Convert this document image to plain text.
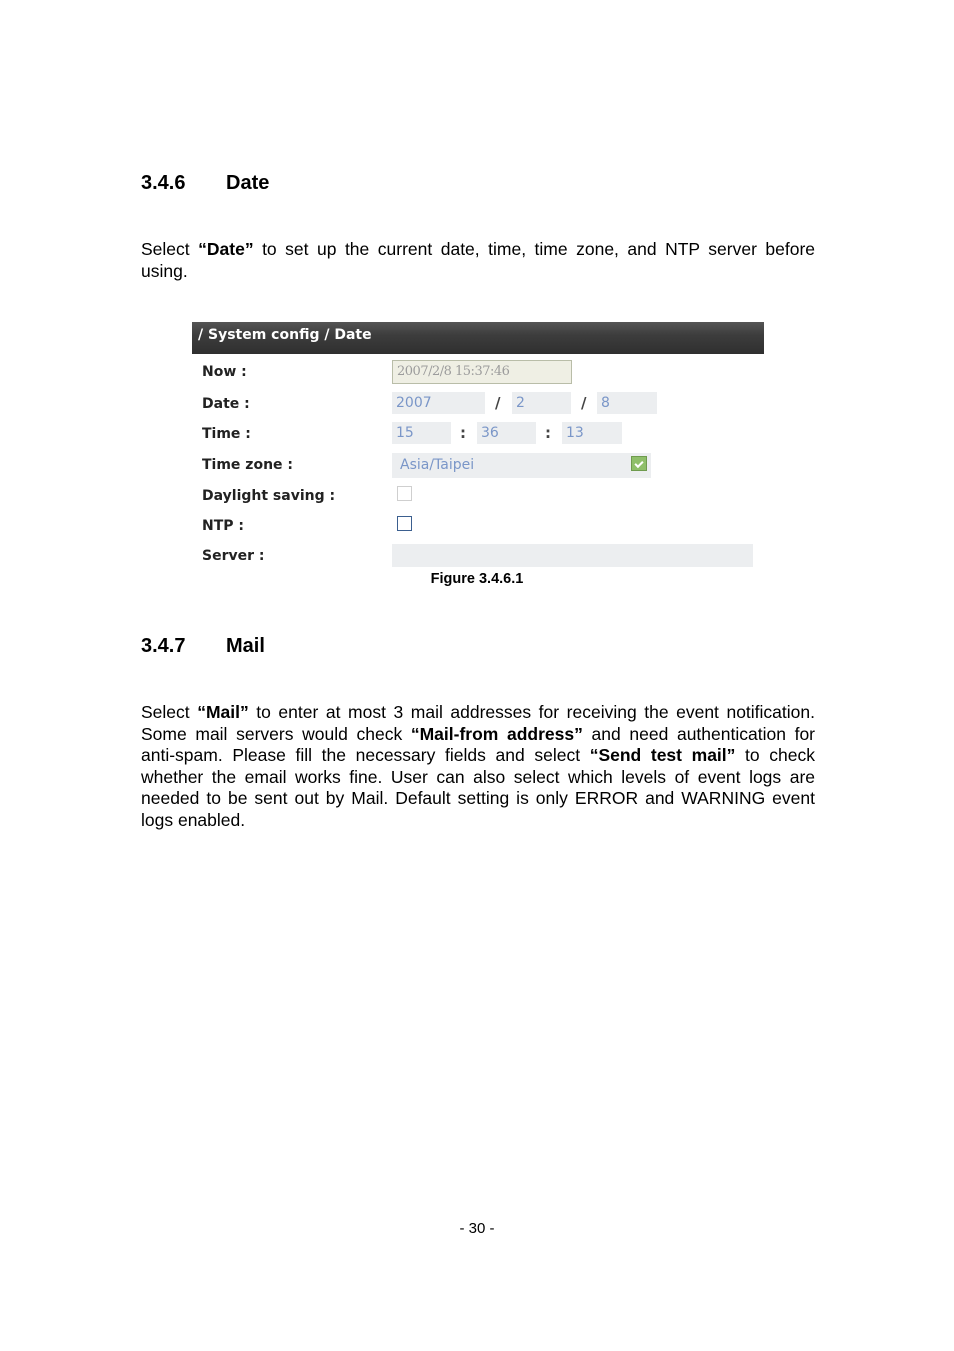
3.4.6 Date

Select “Date” to set up the current date, time, time zone, and NTP server before using.

/ System config / Date
Now :	2007/2/8 15:37:46
Date :	2007	/ 2	/ 8
Time :	15	: 36	: 13
Time zone :	Asia/Taipei
Daylight saving :
NTP :
Server :
Figure 3.4.6.1
3.4.7 Mail

Select “Mail” to enter at most 3 mail addresses for receiving the event notification. Some mail servers would check “Mail-from address” and need authentication for anti-spam. Please fill the necessary fields and select “Send test mail” to check whether the email works fine. User can also select which levels of event logs are needed to be sent out by Mail. Default setting is only ERROR and WARNING event logs enabled.

- 30 -
